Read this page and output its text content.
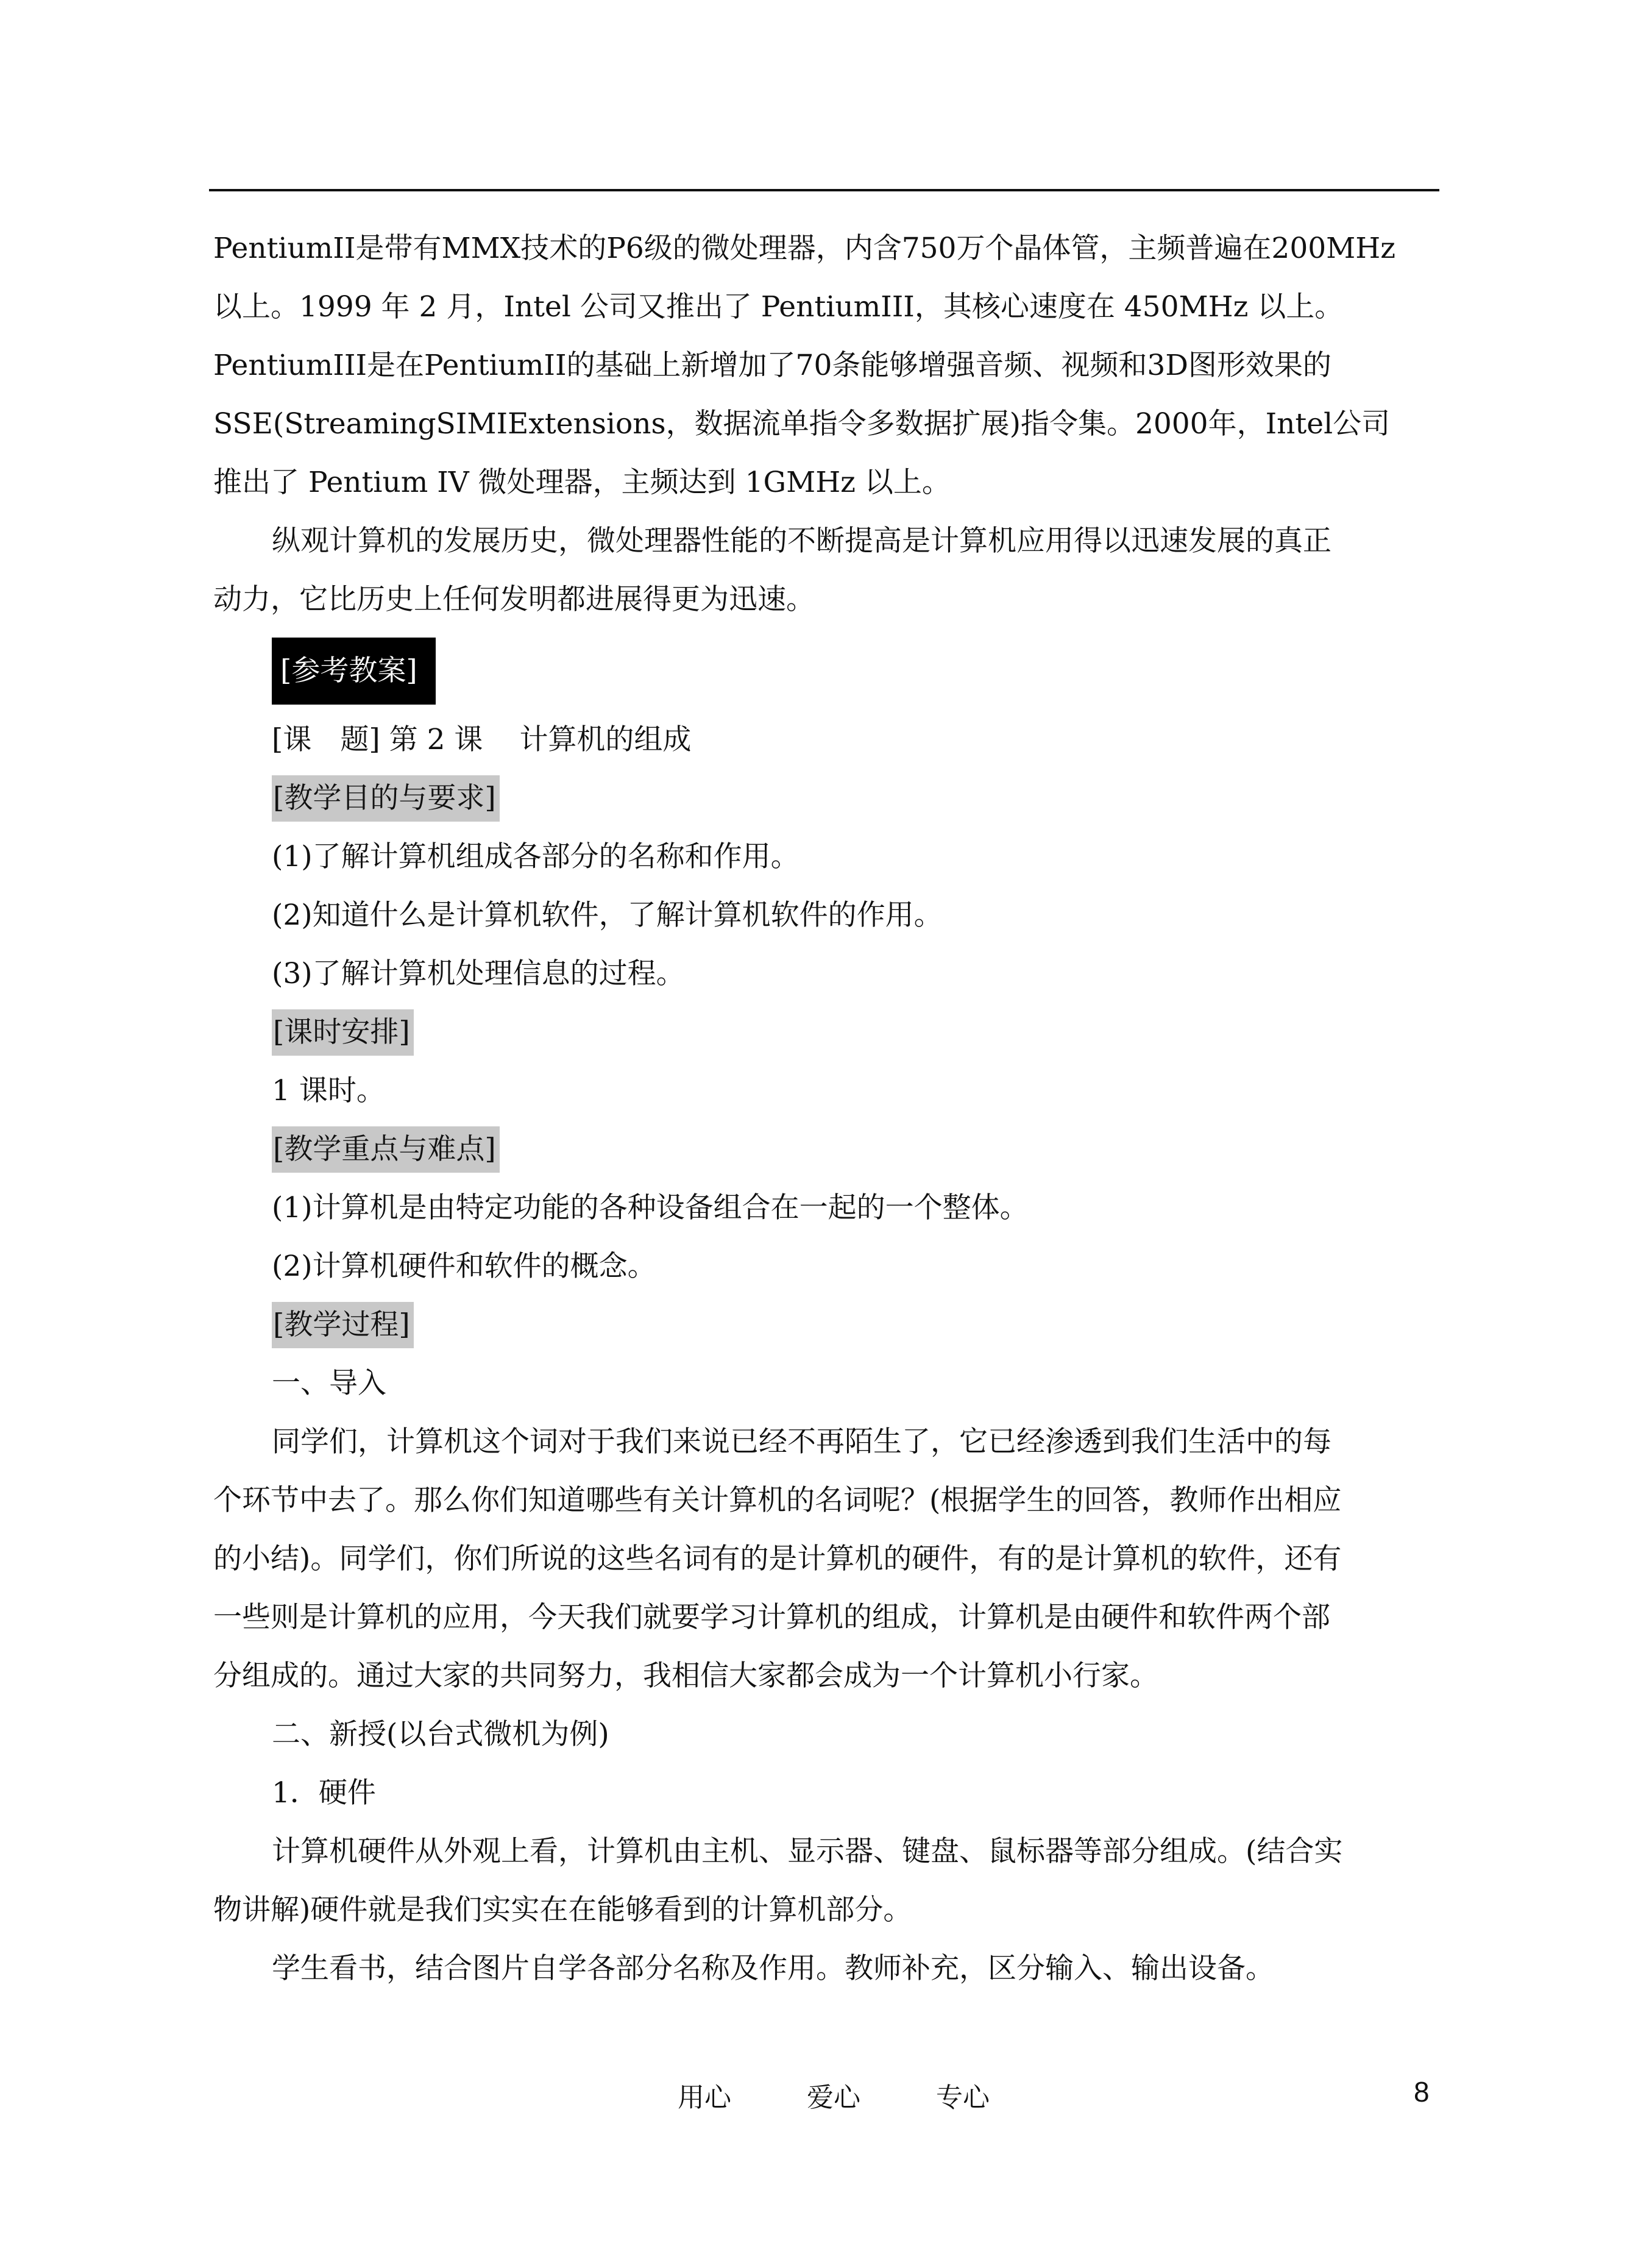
PentiumII是带有MMX技术的P6级的微处理器，内含750万个晶体管，主频普遍在200MHz

以上。1999 年 2 月，Intel 公司又推出了 PentiumIII，其核心速度在 450MHz 以上。

PentiumIII是在PentiumII的基础上新增加了70条能够增强音频、视频和3D图形效果的

SSE(StreamingSIMIExtensions，数据流单指令多数据扩展)指令集。2000年，Intel公司

推出了 Pentium IV 微处理器，主频达到 1GMHz 以上。

纵观计算机的发展历史，微处理器性能的不断提高是计算机应用得以迅速发展的真正

动力，它比历史上任何发明都进展得更为迅速。

[参考教案]

[课　题] 第 2 课 计算机的组成

[教学目的与要求]

(1)了解计算机组成各部分的名称和作用。

(2)知道什么是计算机软件，了解计算机软件的作用。

(3)了解计算机处理信息的过程。

[课时安排]

1 课时。

[教学重点与难点]

(1)计算机是由特定功能的各种设备组合在一起的一个整体。

(2)计算机硬件和软件的概念。

[教学过程]

一、导入

同学们，计算机这个词对于我们来说已经不再陌生了，它已经渗透到我们生活中的每

个环节中去了。那么你们知道哪些有关计算机的名词呢？(根据学生的回答，教师作出相应

的小结)。同学们，你们所说的这些名词有的是计算机的硬件，有的是计算机的软件，还有

一些则是计算机的应用，今天我们就要学习计算机的组成，计算机是由硬件和软件两个部

分组成的。通过大家的共同努力，我相信大家都会成为一个计算机小行家。

二、新授(以台式微机为例)

1．硬件

计算机硬件从外观上看，计算机由主机、显示器、键盘、鼠标器等部分组成。(结合实

物讲解)硬件就是我们实实在在能够看到的计算机部分。

学生看书，结合图片自学各部分名称及作用。教师补充，区分输入、输出设备。

用心	爱心	专心	8
